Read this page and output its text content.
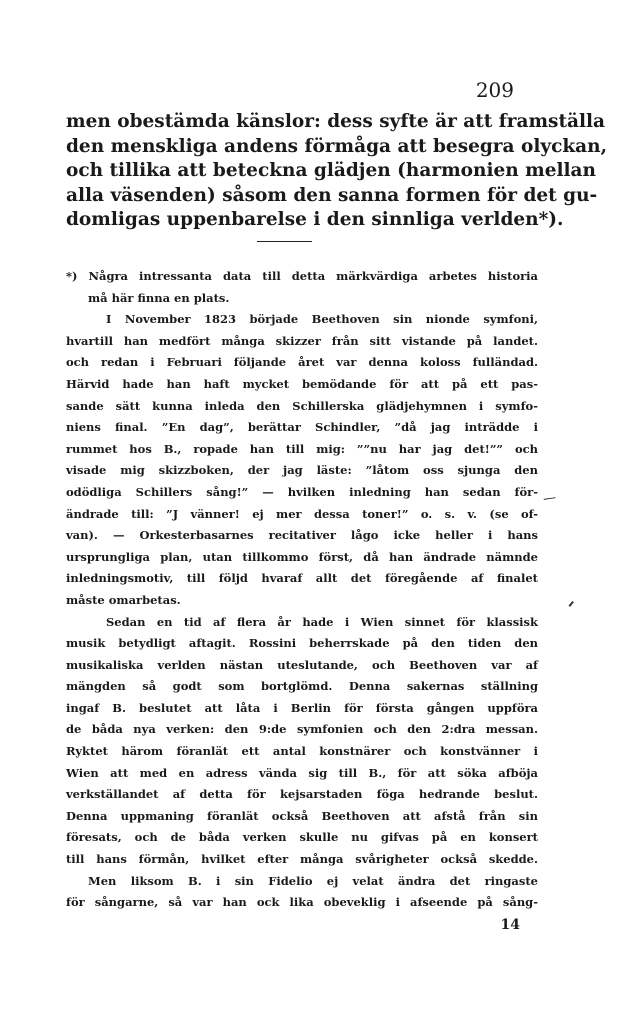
209
men obestämda känslor: dess syfte är att framställa
den menskliga andens förmåga att besegra olyckan,
och tillika att beteckna glädjen (harmonien mellan
alla väsenden) såsom den sanna formen för det gu-
domligas uppenbarelse i den sinnliga verlden*).
*) Några intressanta data till detta märkvärdiga arbetes historia
må här finna en plats.
I November 1823 började Beethoven sin nionde symfoni,
hvartill han medfört många skizzer från sitt vistande på landet.
och redan i Februari följande året var denna koloss fulländad.
Härvid hade han haft mycket bemödande för att på ett pas-
sande sätt kunna inleda den Schillerska glädjehymnen i symfo-
niens final. ”En dag”, berättar Schindler, ”då jag inträdde i
rummet hos B., ropade han till mig: ””nu har jag det!”” och
visade mig skizzboken, der jag läste: ”låtom oss sjunga den
odödliga Schillers sång!” — hvilken inledning han sedan för-
ändrade till: ”J vänner! ej mer dessa toner!” o. s. v. (se of-
van). — Orkesterbasarnes recitativer lågo icke heller i hans
ursprungliga plan, utan tillkommo först, då han ändrade nämnde
inledningsmotiv, till följd hvaraf allt det föregående af finalet
måste omarbetas.
Sedan en tid af flera år hade i Wien sinnet för klassisk
musik betydligt aftagit. Rossini beherrskade på den tiden den
musikaliska verlden nästan uteslutande, och Beethoven var af
mängden så godt som bortglömd. Denna sakernas ställning
ingaf B. beslutet att låta i Berlin för första gången uppföra
de båda nya verken: den 9:de symfonien och den 2:dra messan.
Ryktet härom föranlät ett antal konstnärer och konstvänner i
Wien att med en adress vända sig till B., för att söka afböja
verkställandet af detta för kejsarstaden föga hedrande beslut.
Denna uppmaning föranlät också Beethoven att afstå från sin
föresats, och de båda verken skulle nu gifvas på en konsert
till hans förmån, hvilket efter många svårigheter också skedde.
Men liksom B. i sin Fidelio ej velat ändra det ringaste
för sångarne, så var han ock lika obeveklig i afseende på sång-
14
